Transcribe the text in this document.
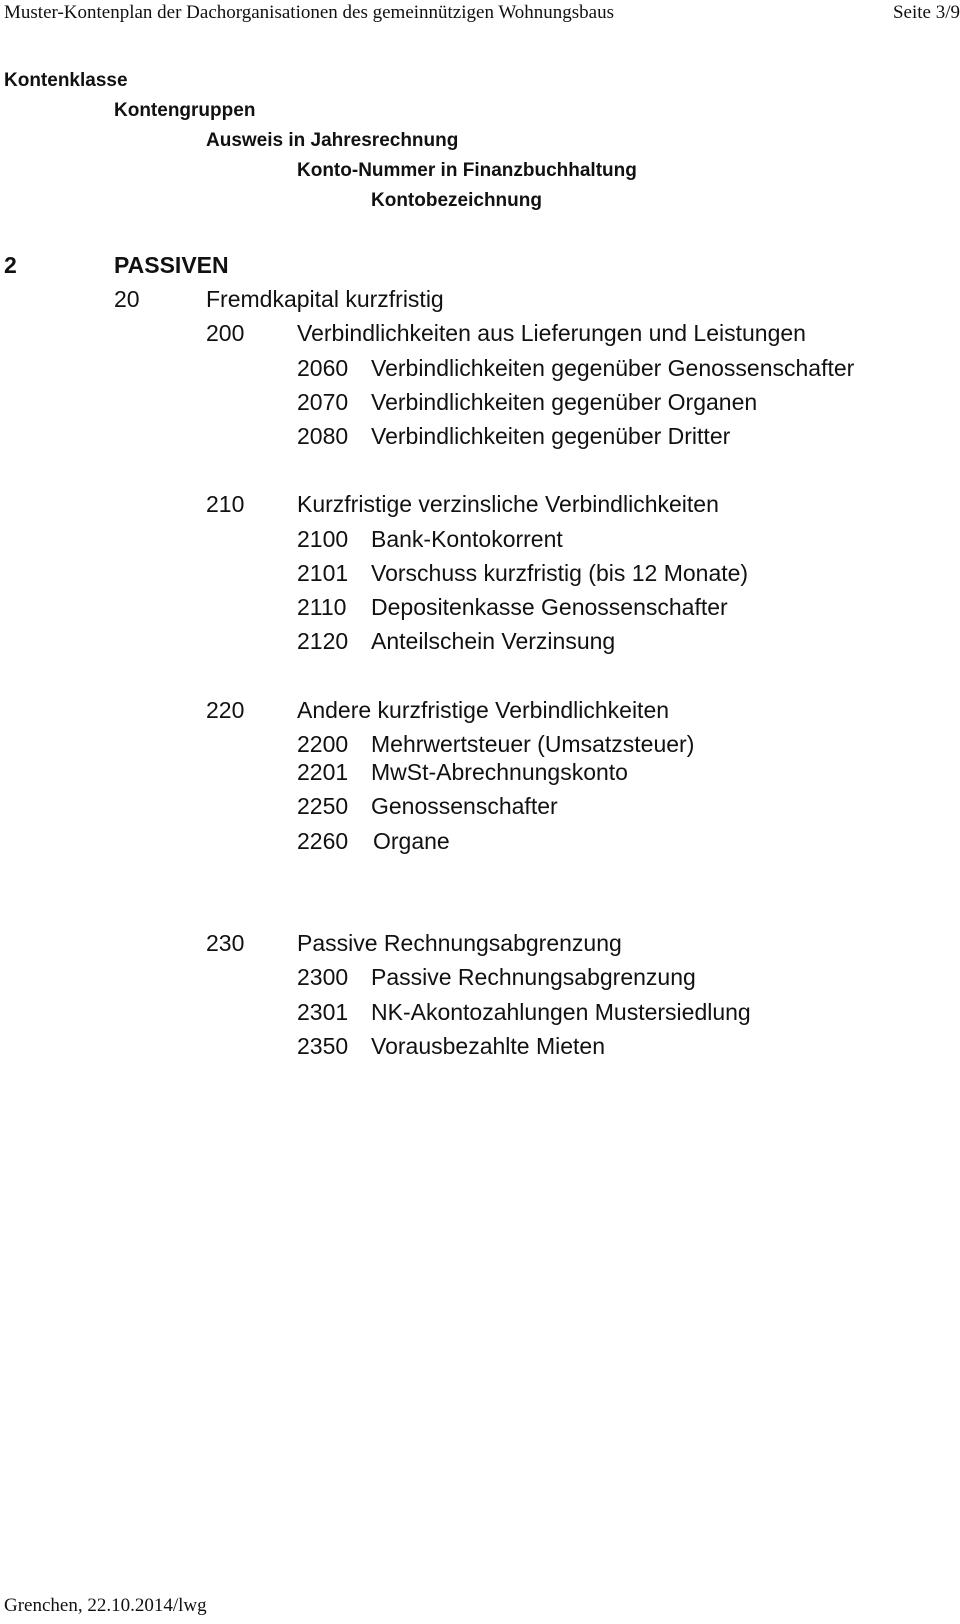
Muster-Kontenplan der Dachorganisationen des gemeinnützigen Wohnungsbaus	Seite 3/9
Kontenklasse
Kontengruppen
Ausweis in Jahresrechnung
Konto-Nummer in Finanzbuchhaltung
Kontobezeichnung
2	PASSIVEN
20	Fremdkapital kurzfristig
200 Verbindlichkeiten aus Lieferungen und Leistungen
2060 Verbindlichkeiten gegenüber Genossenschafter
2070 Verbindlichkeiten gegenüber Organen
2080 Verbindlichkeiten gegenüber Dritter
210 Kurzfristige verzinsliche Verbindlichkeiten
2100 Bank-Kontokorrent
2101 Vorschuss kurzfristig (bis 12 Monate)
2110 Depositenkasse Genossenschafter
2120 Anteilschein Verzinsung
220 Andere kurzfristige Verbindlichkeiten
2200 Mehrwertsteuer (Umsatzsteuer)
2201 MwSt-Abrechnungskonto
2250 Genossenschafter
2260 Organe
230 Passive Rechnungsabgrenzung
2300 Passive Rechnungsabgrenzung
2301 NK-Akontozahlungen Mustersiedlung
2350 Vorausbezahlte Mieten
Grenchen, 22.10.2014/lwg
